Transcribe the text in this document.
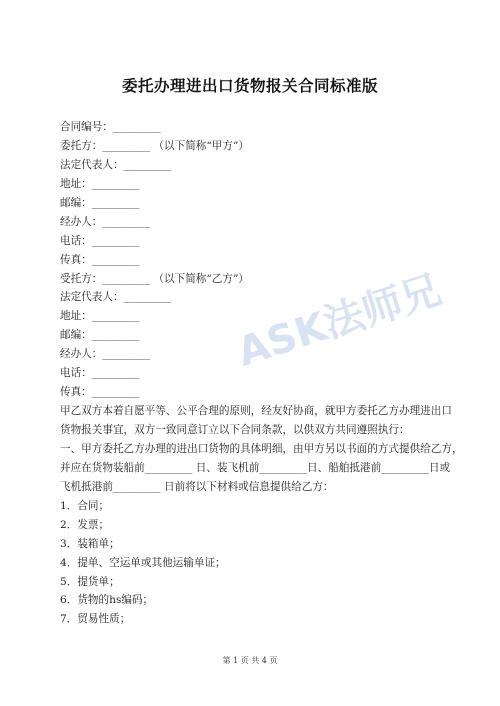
委托办理进出口货物报关合同标准版
合同编号：_________
委托方：_________ （以下简称“甲方”）
法定代表人：_________
地址：_________
邮编：_________
经办人：_________
电话：_________
传真：_________
受托方：_________ （以下简称“乙方”）
法定代表人：_________
地址：_________
邮编：_________
经办人：_________
电话：_________
传真：_________
甲乙双方本着自愿平等、公平合理的原则，经友好协商，就甲方委托乙方办理进出口
货物报关事宜，双方一致同意订立以下合同条款，以供双方共同遵照执行：
一、甲方委托乙方办理的进出口货物的具体明细，由甲方另以书面的方式提供给乙方，
并应在货物装船前_________ 日、装飞机前_________日、船舶抵港前_________日或
飞机抵港前_________ 日前将以下材料或信息提供给乙方：
1．合同；
2．发票；
3．装箱单；
4．提单、空运单或其他运输单证；
5．提货单；
6．货物的hs编码；
7．贸易性质；
ASK法师兄
第 1 页 共 4 页
